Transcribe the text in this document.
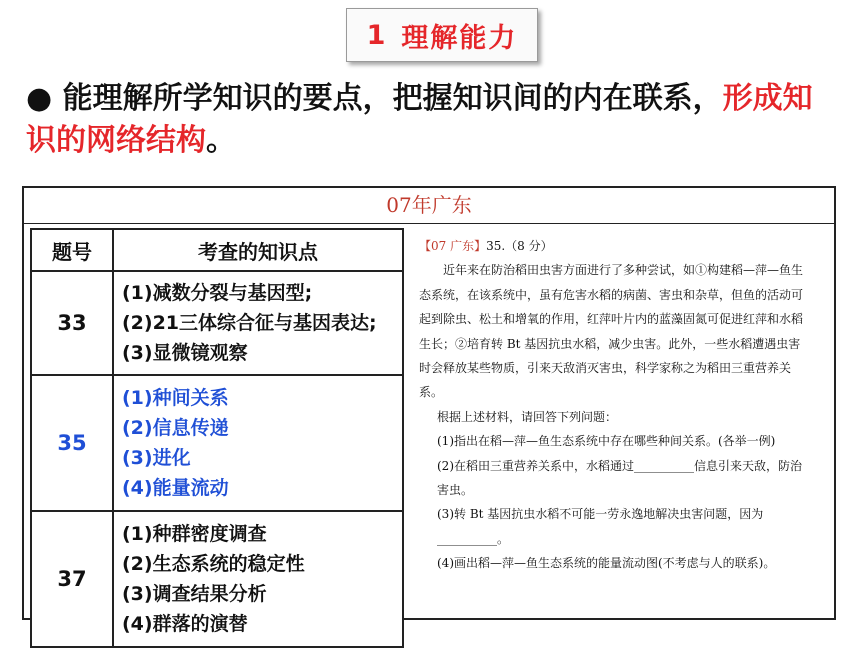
1 理解能力
● 能理解所学知识的要点，把握知识间的内在联系，形成知识的网络结构。
07年广东
题号	考查的知识点
33	(1)减数分裂与基因型;
(2)21三体综合征与基因表达;
(3)显微镜观察

35	(1)种间关系
(2)信息传递
(3)进化
(4)能量流动

37	(1)种群密度调查
(2)生态系统的稳定性
(3)调查结果分析
(4)群落的演替

【07 广东】35.（8 分）

近年来在防治稻田虫害方面进行了多种尝试，如①构建稻—萍—鱼生态系统，在该系统中，虽有危害水稻的病菌、害虫和杂草，但鱼的活动可起到除虫、松土和增氧的作用，红萍叶片内的蓝藻固氮可促进红萍和水稻生长；②培育转 Bt 基因抗虫水稻，减少虫害。此外，一些水稻遭遇虫害时会释放某些物质，引来天敌消灭害虫，科学家称之为稻田三重营养关系。

根据上述材料，请回答下列问题：

(1)指出在稻—萍—鱼生态系统中存在哪些种间关系。(各举一例)

(2)在稻田三重营养关系中，水稻通过__________信息引来天敌，防治害虫。

(3)转 Bt 基因抗虫水稻不可能一劳永逸地解决虫害问题，因为__________。

(4)画出稻—萍—鱼生态系统的能量流动图(不考虑与人的联系)。
